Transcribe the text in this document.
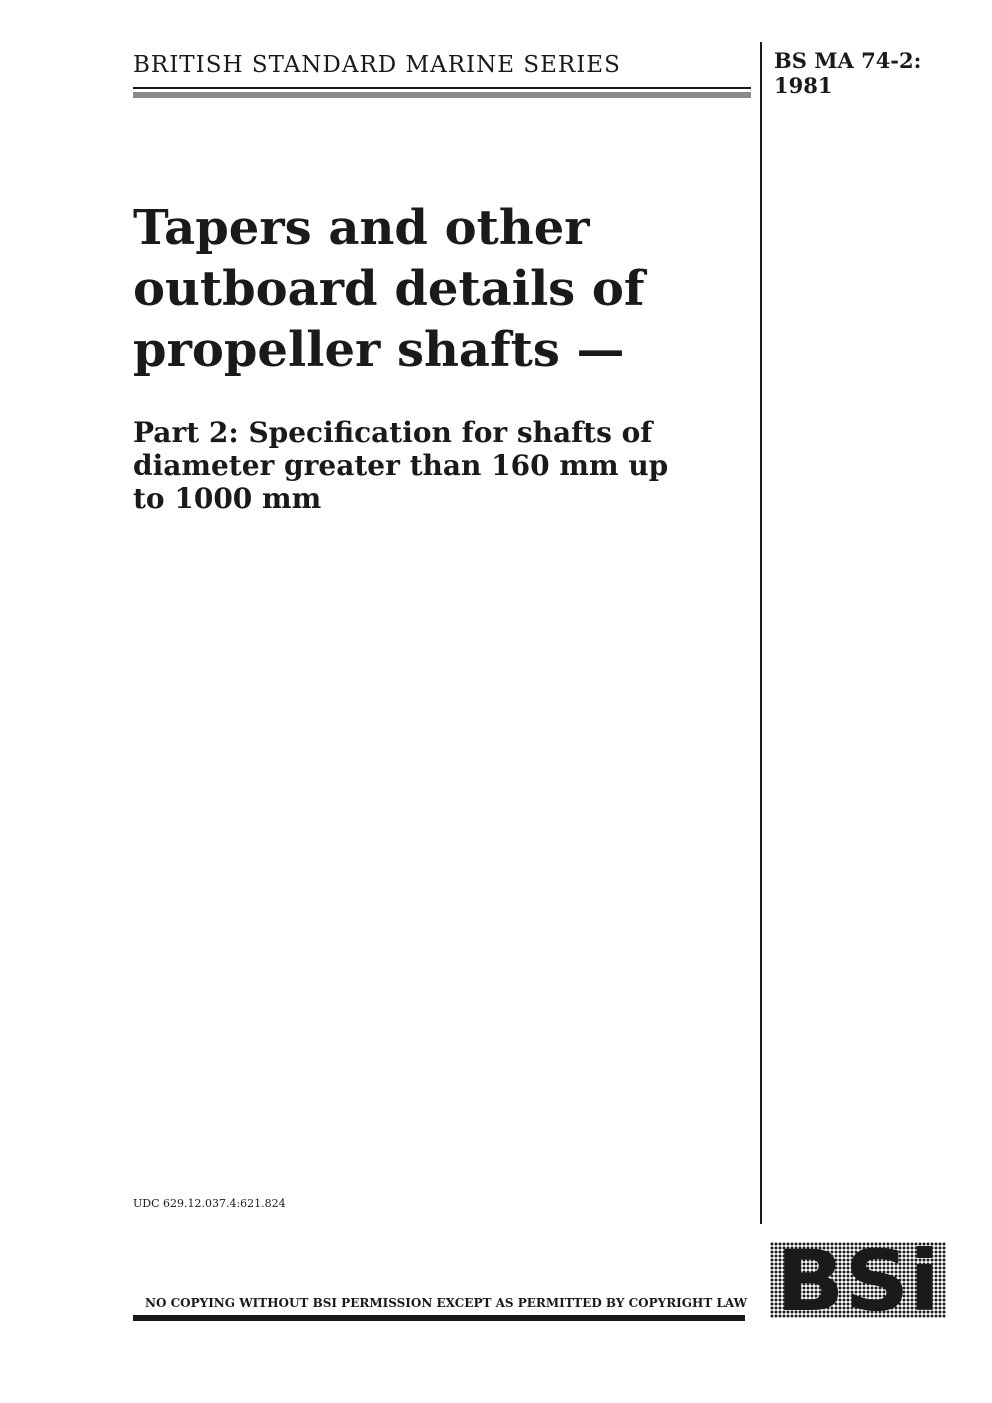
BRITISH STANDARD MARINE SERIES	BS MA 74-2:
1981
Tapers and other
outboard details of
propeller shafts —
Part 2: Specification for shafts of
diameter greater than 160 mm up
to 1000 mm
UDC 629.12.037.4:621.824
NO COPYING WITHOUT BSI PERMISSION EXCEPT AS PERMITTED BY COPYRIGHT LAW BSi
